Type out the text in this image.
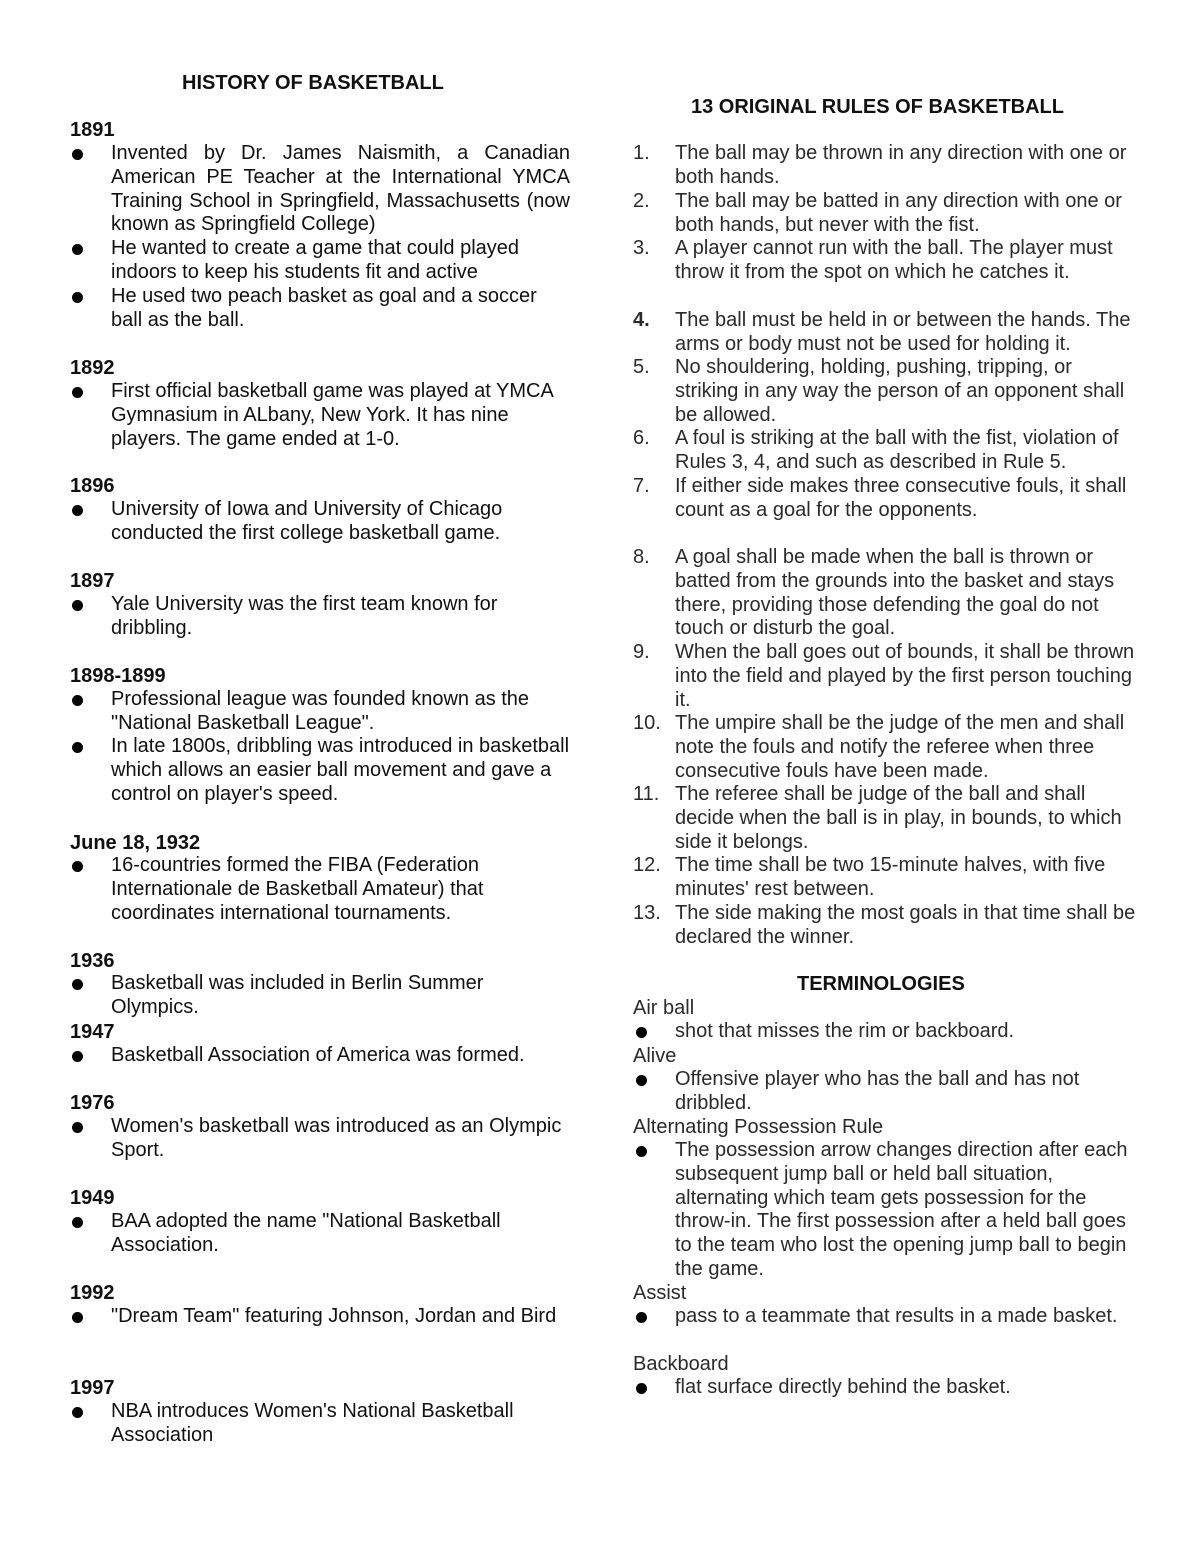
HISTORY OF BASKETBALL
1891
Invented by Dr. James Naismith, a Canadian American PE Teacher at the International YMCA Training School in Springfield, Massachusetts (now known as Springfield College)
He wanted to create a game that could played indoors to keep his students fit and active
He used two peach basket as goal and a soccer ball as the ball.
1892
First official basketball game was played at YMCA Gymnasium in ALbany, New York. It has nine players. The game ended at 1-0.
1896
University of Iowa and University of Chicago conducted the first college basketball game.
1897
Yale University was the first team known for dribbling.
1898-1899
Professional league was founded known as the "National Basketball League".
In late 1800s, dribbling was introduced in basketball which allows an easier ball movement and gave a control on player's speed.
June 18, 1932
16-countries formed the FIBA (Federation Internationale de Basketball Amateur) that coordinates international tournaments.
1936
Basketball was included in Berlin Summer Olympics.
1947
Basketball Association of America was formed.
1976
Women's basketball was introduced as an Olympic Sport.
1949
BAA adopted the name "National Basketball Association.
1992
"Dream Team" featuring Johnson, Jordan and Bird
1997
NBA introduces Women's National Basketball Association
13 ORIGINAL RULES OF BASKETBALL
1.	The ball may be thrown in any direction with one or both hands.
2.	The ball may be batted in any direction with one or both hands, but never with the fist.
3.	A player cannot run with the ball. The player must throw it from the spot on which he catches it.
4.	The ball must be held in or between the hands. The arms or body must not be used for holding it.
5.	No shouldering, holding, pushing, tripping, or striking in any way the person of an opponent shall be allowed.
6.	A foul is striking at the ball with the fist, violation of Rules 3, 4, and such as described in Rule 5.
7.	If either side makes three consecutive fouls, it shall count as a goal for the opponents.
8.	A goal shall be made when the ball is thrown or batted from the grounds into the basket and stays there, providing those defending the goal do not touch or disturb the goal.
9.	When the ball goes out of bounds, it shall be thrown into the field and played by the first person touching it.
10. The umpire shall be the judge of the men and shall note the fouls and notify the referee when three consecutive fouls have been made.
11. The referee shall be judge of the ball and shall decide when the ball is in play, in bounds, to which side it belongs.
12. The time shall be two 15-minute halves, with five minutes' rest between.
13. The side making the most goals in that time shall be declared the winner.
TERMINOLOGIES
Air ball
shot that misses the rim or backboard.
Alive
Offensive player who has the ball and has not dribbled.
Alternating Possession Rule
The possession arrow changes direction after each subsequent jump ball or held ball situation, alternating which team gets possession for the throw-in. The first possession after a held ball goes to the team who lost the opening jump ball to begin the game.
Assist
pass to a teammate that results in a made basket.
Backboard
flat surface directly behind the basket.
